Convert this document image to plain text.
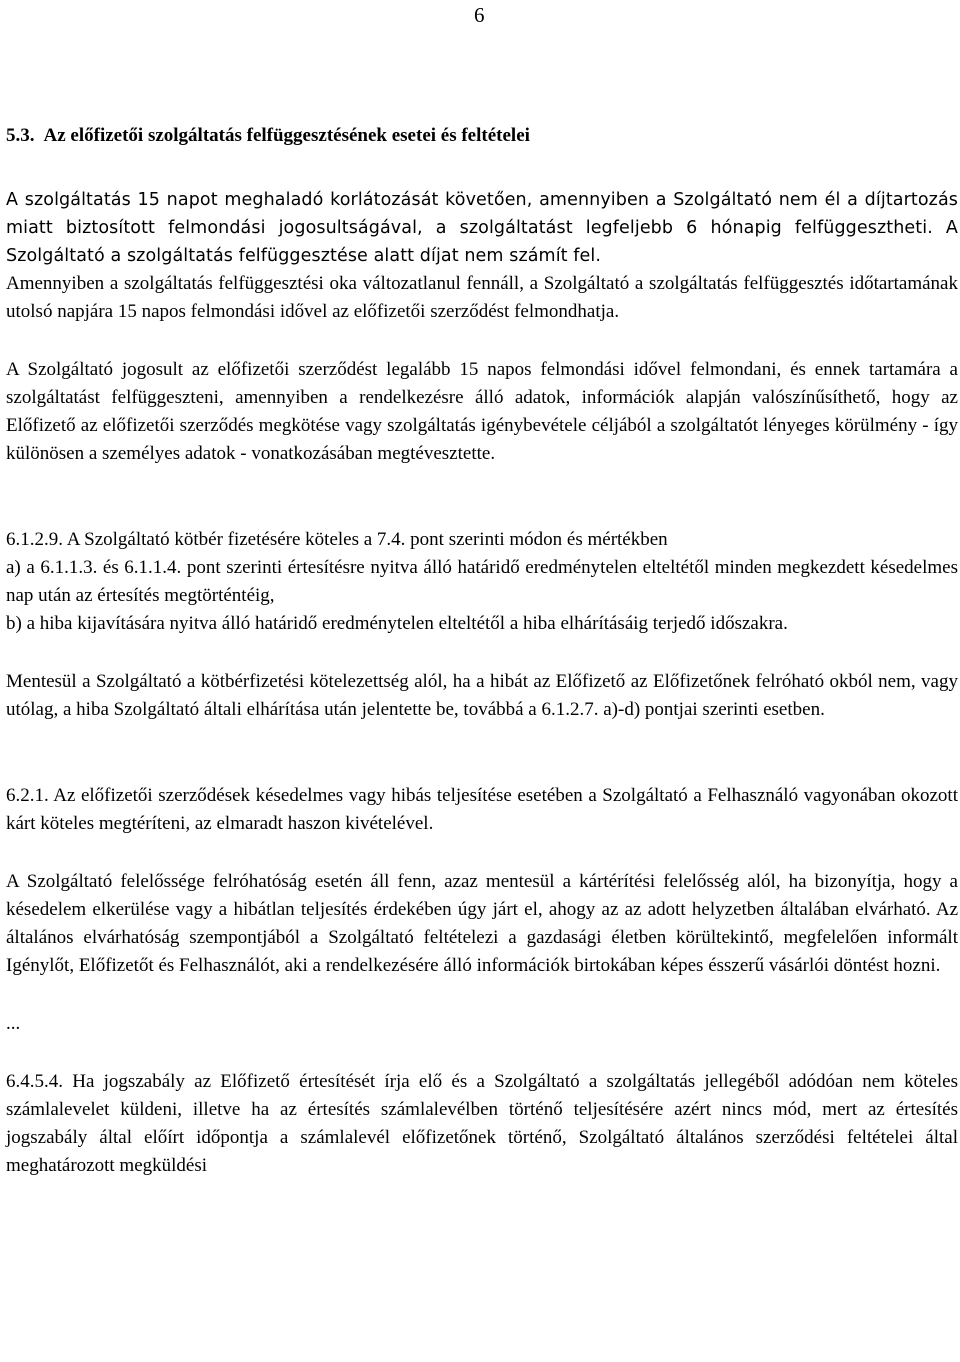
6
5.3. Az előfizetői szolgáltatás felfüggesztésének esetei és feltételei

A szolgáltatás 15 napot meghaladó korlátozását követően, amennyiben a Szolgáltató nem él a díjtartozás miatt biztosított felmondási jogosultságával, a szolgáltatást legfeljebb 6 hónapig felfüggesztheti. A Szolgáltató a szolgáltatás felfüggesztése alatt díjat nem számít fel.

Amennyiben a szolgáltatás felfüggesztési oka változatlanul fennáll, a Szolgáltató a szolgáltatás felfüggesztés időtartamának utolsó napjára 15 napos felmondási idővel az előfizetői szerződést felmondhatja.

A Szolgáltató jogosult az előfizetői szerződést legalább 15 napos felmondási idővel felmondani, és ennek tartamára a szolgáltatást felfüggeszteni, amennyiben a rendelkezésre álló adatok, információk alapján valószínűsíthető, hogy az Előfizető az előfizetői szerződés megkötése vagy szolgáltatás igénybevétele céljából a szolgáltatót lényeges körülmény - így különösen a személyes adatok - vonatkozásában megtévesztette.

6.1.2.9. A Szolgáltató kötbér fizetésére köteles a 7.4. pont szerinti módon és mértékben

a) a 6.1.1.3. és 6.1.1.4. pont szerinti értesítésre nyitva álló határidő eredménytelen elteltétől minden megkezdett késedelmes nap után az értesítés megtörténtéig,

b) a hiba kijavítására nyitva álló határidő eredménytelen elteltétől a hiba elhárításáig terjedő időszakra.

Mentesül a Szolgáltató a kötbérfizetési kötelezettség alól, ha a hibát az Előfizető az Előfizetőnek felróható okból nem, vagy utólag, a hiba Szolgáltató általi elhárítása után jelentette be, továbbá a 6.1.2.7. a)-d) pontjai szerinti esetben.

6.2.1. Az előfizetői szerződések késedelmes vagy hibás teljesítése esetében a Szolgáltató a Felhasználó vagyonában okozott kárt köteles megtéríteni, az elmaradt haszon kivételével.

A Szolgáltató felelőssége felróhatóság esetén áll fenn, azaz mentesül a kártérítési felelősség alól, ha bizonyítja, hogy a késedelem elkerülése vagy a hibátlan teljesítés érdekében úgy járt el, ahogy az az adott helyzetben általában elvárható. Az általános elvárhatóság szempontjából a Szolgáltató feltételezi a gazdasági életben körültekintő, megfelelően informált Igénylőt, Előfizetőt és Felhasználót, aki a rendelkezésére álló információk birtokában képes ésszerű vásárlói döntést hozni.

...

6.4.5.4. Ha jogszabály az Előfizető értesítését írja elő és a Szolgáltató a szolgáltatás jellegéből adódóan nem köteles számlalevelet küldeni, illetve ha az értesítés számlalevélben történő teljesítésére azért nincs mód, mert az értesítés jogszabály által előírt időpontja a számlalevél előfizetőnek történő, Szolgáltató általános szerződési feltételei által meghatározott megküldési
